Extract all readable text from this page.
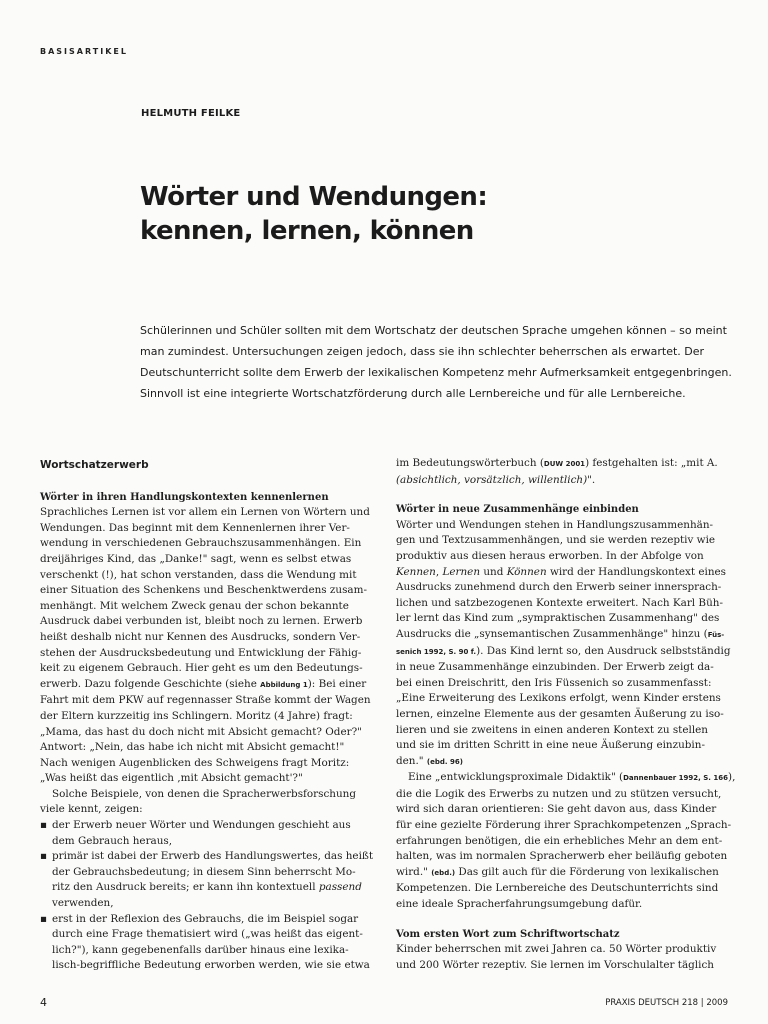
BASISARTIKEL
HELMUTH FEILKE
Wörter und Wendungen:
kennen, lernen, können
Schülerinnen und Schüler sollten mit dem Wortschatz der deutschen Sprache umgehen können – so meint
man zumindest. Untersuchungen zeigen jedoch, dass sie ihn schlechter beherrschen als erwartet. Der
Deutschunterricht sollte dem Erwerb der lexikalischen Kompetenz mehr Aufmerksamkeit entgegenbringen.
Sinnvoll ist eine integrierte Wortschatzförderung durch alle Lernbereiche und für alle Lernbereiche.
Wortschatzerwerb
Wörter in ihren Handlungskontexten kennenlernen
Sprachliches Lernen ist vor allem ein Lernen von Wörtern und
Wendungen. Das beginnt mit dem Kennenlernen ihrer Ver-
wendung in verschiedenen Gebrauchszusammenhängen. Ein
dreijähriges Kind, das „Danke!" sagt, wenn es selbst etwas
verschenkt (!), hat schon verstanden, dass die Wendung mit
einer Situation des Schenkens und Beschenktwerdens zusam-
menhängt. Mit welchem Zweck genau der schon bekannte
Ausdruck dabei verbunden ist, bleibt noch zu lernen. Erwerb
heißt deshalb nicht nur Kennen des Ausdrucks, sondern Ver-
stehen der Ausdrucksbedeutung und Entwicklung der Fähig-
keit zu eigenem Gebrauch. Hier geht es um den Bedeutungs-
erwerb. Dazu folgende Geschichte (siehe Abbildung 1): Bei einer
Fahrt mit dem PKW auf regennasser Straße kommt der Wagen
der Eltern kurzzeitig ins Schlingern. Moritz (4 Jahre) fragt:
„Mama, das hast du doch nicht mit Absicht gemacht? Oder?"
Antwort: „Nein, das habe ich nicht mit Absicht gemacht!"
Nach wenigen Augenblicken des Schweigens fragt Moritz:
„Was heißt das eigentlich ‚mit Absicht gemacht'?"
Solche Beispiele, von denen die Spracherwerbsforschung
viele kennt, zeigen:
▪ der Erwerb neuer Wörter und Wendungen geschieht aus
dem Gebrauch heraus,
▪ primär ist dabei der Erwerb des Handlungswertes, das heißt
der Gebrauchsbedeutung; in diesem Sinn beherrscht Mo-
ritz den Ausdruck bereits; er kann ihn kontextuell passend
verwenden,
▪ erst in der Reflexion des Gebrauchs, die im Beispiel sogar
durch eine Frage thematisiert wird („was heißt das eigent-
lich?"), kann gegebenenfalls darüber hinaus eine lexika-
lisch-begriffliche Bedeutung erworben werden, wie sie etwa
im Bedeutungswörterbuch (DUW 2001) festgehalten ist: „mit A.
(absichtlich, vorsätzlich, willentlich)".
Wörter in neue Zusammenhänge einbinden
Wörter und Wendungen stehen in Handlungszusammenhän-
gen und Textzusammenhängen, und sie werden rezeptiv wie
produktiv aus diesen heraus erworben. In der Abfolge von
Kennen, Lernen und Können wird der Handlungskontext eines
Ausdrucks zunehmend durch den Erwerb seiner innersprach-
lichen und satzbezogenen Kontexte erweitert. Nach Karl Büh-
ler lernt das Kind zum „sympraktischen Zusammenhang" des
Ausdrucks die „synsemantischen Zusammenhänge" hinzu (Füs-
senich 1992, S. 90 f.). Das Kind lernt so, den Ausdruck selbstständig
in neue Zusammenhänge einzubinden. Der Erwerb zeigt da-
bei einen Dreischritt, den Iris Füssenich so zusammenfasst:
„Eine Erweiterung des Lexikons erfolgt, wenn Kinder erstens
lernen, einzelne Elemente aus der gesamten Äußerung zu iso-
lieren und sie zweitens in einen anderen Kontext zu stellen
und sie im dritten Schritt in eine neue Äußerung einzubin-
den." (ebd. 96)
Eine „entwicklungsproximale Didaktik" (Dannenbauer 1992, S. 166),
die die Logik des Erwerbs zu nutzen und zu stützen versucht,
wird sich daran orientieren: Sie geht davon aus, dass Kinder
für eine gezielte Förderung ihrer Sprachkompetenzen „Sprach-
erfahrungen benötigen, die ein erhebliches Mehr an dem ent-
halten, was im normalen Spracherwerb eher beiläufig geboten
wird." (ebd.) Das gilt auch für die Förderung von lexikalischen
Kompetenzen. Die Lernbereiche des Deutschunterrichts sind
eine ideale Spracherfahrungsumgebung dafür.
Vom ersten Wort zum Schriftwortschatz
Kinder beherrschen mit zwei Jahren ca. 50 Wörter produktiv
und 200 Wörter rezeptiv. Sie lernen im Vorschulalter täglich
4	PRAXIS DEUTSCH 218 | 2009
